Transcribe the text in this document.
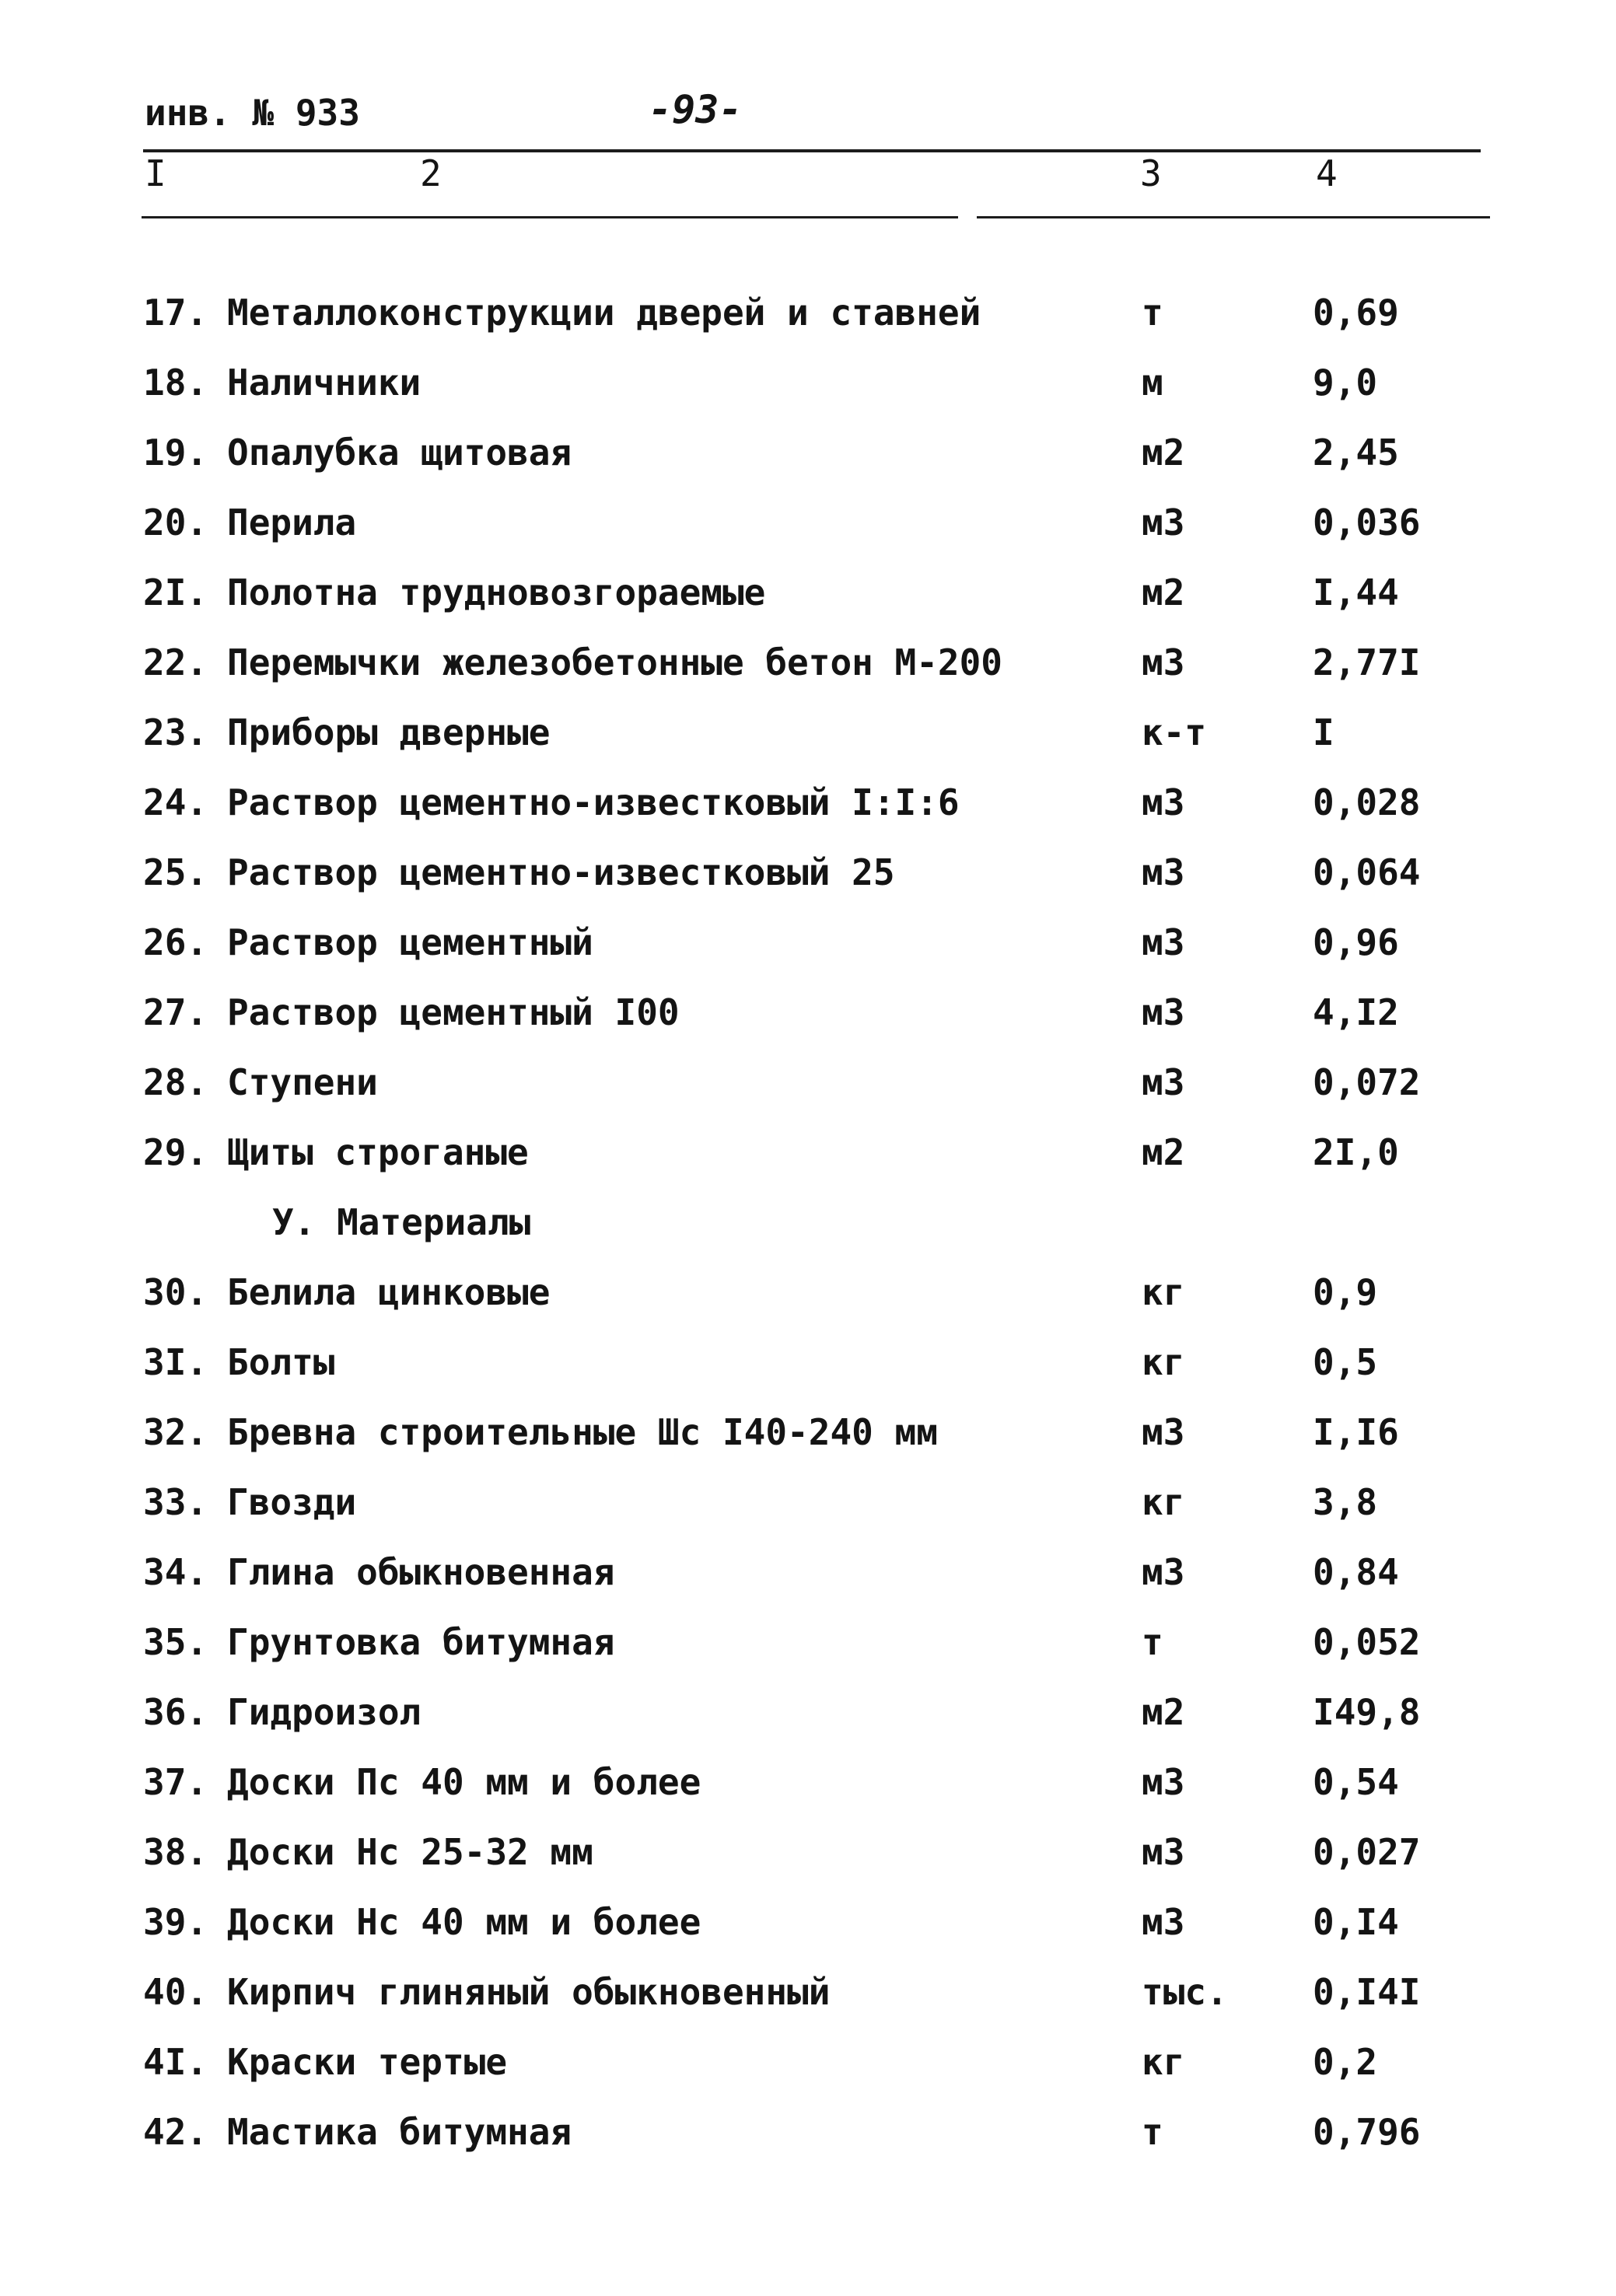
инв. № 933	-93-
I	2	3	4
17. Металлоконструкции дверей и ставней	т	0,69
18. Наличники	м	9,0
19. Опалубка щитовая	м2	2,45
20. Перила	м3	0,036
2I. Полотна трудновозгораемые	м2	I,44
22. Перемычки железобетонные бетон М-200	м3	2,77I
23. Приборы дверные	к-т	I
24. Раствор цементно-известковый I:I:6	м3	0,028
25. Раствор цементно-известковый 25	м3	0,064
26. Раствор цементный	м3	0,96
27. Раствор цементный I00	м3	4,I2
28. Ступени	м3	0,072
29. Щиты строганые	м2	2I,0
У. Материалы
30. Белила цинковые	кг	0,9
3I. Болты	кг	0,5
32. Бревна строительные Шс I40-240 мм	м3	I,I6
33. Гвозди	кг	3,8
34. Глина обыкновенная	м3	0,84
35. Грунтовка битумная	т	0,052
36. Гидроизол	м2	I49,8
37. Доски Пс 40 мм и более	м3	0,54
38. Доски Нс 25-32 мм	м3	0,027
39. Доски Нс 40 мм и более	м3	0,I4
40. Кирпич глиняный обыкновенный	тыс. 0,I4I
4I. Краски тертые	кг	0,2
42. Мастика битумная	т	0,796
